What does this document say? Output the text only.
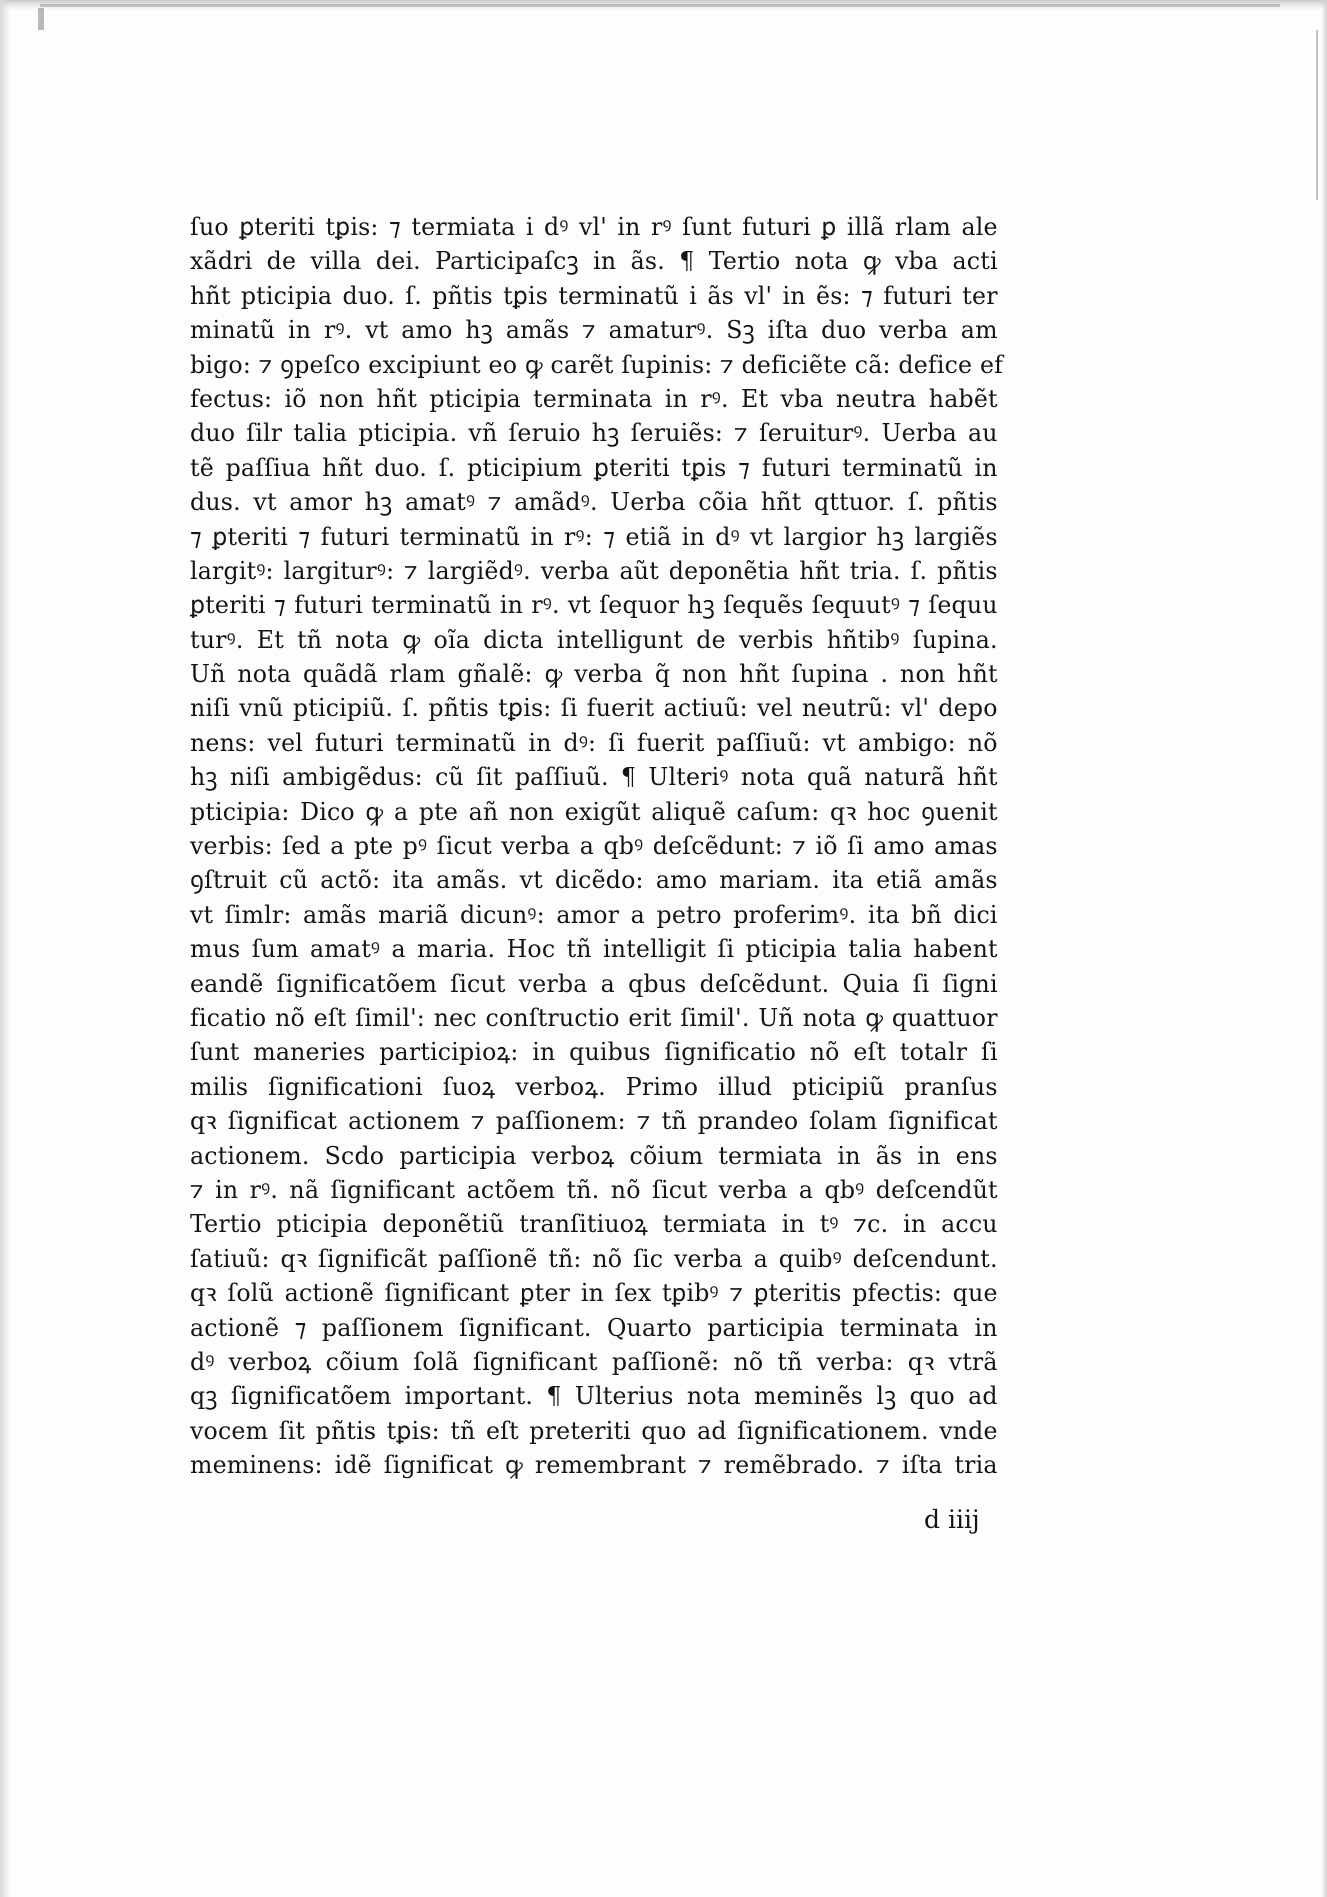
ſuo ꝑteriti tꝑis: ⁊ termiata i dꝰ vl' in rꝰ ſunt futuri ꝑ illã rlam ale
xãdri de villa dei. Participaſcꝫ in ãs. ¶ Tertio nota ꝙ vba acti
hñt pticipia duo. ſ. pñtis tꝑis terminatũ i ãs vl' in ẽs: ⁊ futuri ter
minatũ in rꝰ. vt amo hꝫ amãs ⁊ amaturꝰ. Sꝫ iſta duo verba am
bigo: ⁊ ꝯpeſco excipiunt eo ꝙ carẽt ſupinis: ⁊ deficiẽte cã: defice ef
fectus: iõ non hñt pticipia terminata in rꝰ. Et vba neutra habẽt
duo ſilr talia pticipia. vñ ſeruio hꝫ ſeruiẽs: ⁊ ſeruiturꝰ. Uerba au
tẽ paſſiua hñt duo. ſ. pticipium ꝑteriti tꝑis ⁊ futuri terminatũ in
dus. vt amor hꝫ amatꝰ ⁊ amãdꝰ. Uerba cõia hñt qttuor. ſ. pñtis
⁊ ꝑteriti ⁊ futuri terminatũ in rꝰ: ⁊ etiã in dꝰ vt largior hꝫ largiẽs
largitꝰ: largiturꝰ: ⁊ largiẽdꝰ. verba aũt deponẽtia hñt tria. ſ. pñtis
ꝑteriti ⁊ futuri terminatũ in rꝰ. vt ſequor hꝫ ſequẽs ſequutꝰ ⁊ ſequu
turꝰ. Et tñ nota ꝙ oĩa dicta intelligunt de verbis hñtibꝰ ſupina.
Uñ nota quãdã rlam gñalẽ: ꝙ verba q̃ non hñt ſupina . non hñt
niſi vnũ pticipiũ. ſ. pñtis tꝑis: ſi fuerit actiuũ: vel neutrũ: vl' depo
nens: vel futuri terminatũ in dꝰ: ſi fuerit paſſiuũ: vt ambigo: nõ
hꝫ niſi ambigẽdus: cũ ſit paſſiuũ. ¶ Ulteriꝰ nota quã naturã hñt
pticipia: Dico ꝙ a pte añ non exigũt aliquẽ caſum: qꝛ hoc ꝯuenit
verbis: ſed a pte pꝰ ſicut verba a qbꝰ deſcẽdunt: ⁊ iõ ſi amo amas
ꝯſtruit cũ actõ: ita amãs. vt dicẽdo: amo mariam. ita etiã amãs
vt ſimlr: amãs mariã dicunꝰ: amor a petro proferimꝰ. ita bñ dici
mus ſum amatꝰ a maria. Hoc tñ intelligit ſi pticipia talia habent
eandẽ ſignificatõem ſicut verba a qbus deſcẽdunt. Quia ſi ſigni
ficatio nõ eſt ſimil': nec conſtructio erit ſimil'. Uñ nota ꝙ quattuor
ſunt maneries participioꝝ: in quibus ſignificatio nõ eſt totalr ſi
milis ſignificationi ſuoꝝ verboꝝ. Primo illud pticipiũ pranſus
qꝛ ſignificat actionem ⁊ paſſionem: ⁊ tñ prandeo ſolam ſignificat
actionem. Scdo participia verboꝝ cõium termiata in ãs in ens
⁊ in rꝰ. nã ſignificant actõem tñ. nõ ſicut verba a qbꝰ deſcendũt
Tertio pticipia deponẽtiũ tranſitiuoꝝ termiata in tꝰ ⁊c. in accu
ſatiuũ: qꝛ ſignificãt paſſionẽ tñ: nõ ſic verba a quibꝰ deſcendunt.
qꝛ ſolũ actionẽ ſignificant ꝑter in ſex tꝑibꝰ ⁊ ꝑteritis pfectis: que
actionẽ ⁊ paſſionem ſignificant. Quarto participia terminata in
dꝰ verboꝝ cõium ſolã ſignificant paſſionẽ: nõ tñ verba: qꝛ vtrã
qꝫ ſignificatõem important. ¶ Ulterius nota meminẽs lꝫ quo ad
vocem ſit pñtis tꝑis: tñ eſt preteriti quo ad ſignificationem. vnde
meminens: idẽ ſignificat ꝙ remembrant ⁊ remẽbrado. ⁊ iſta tria
d iiij
